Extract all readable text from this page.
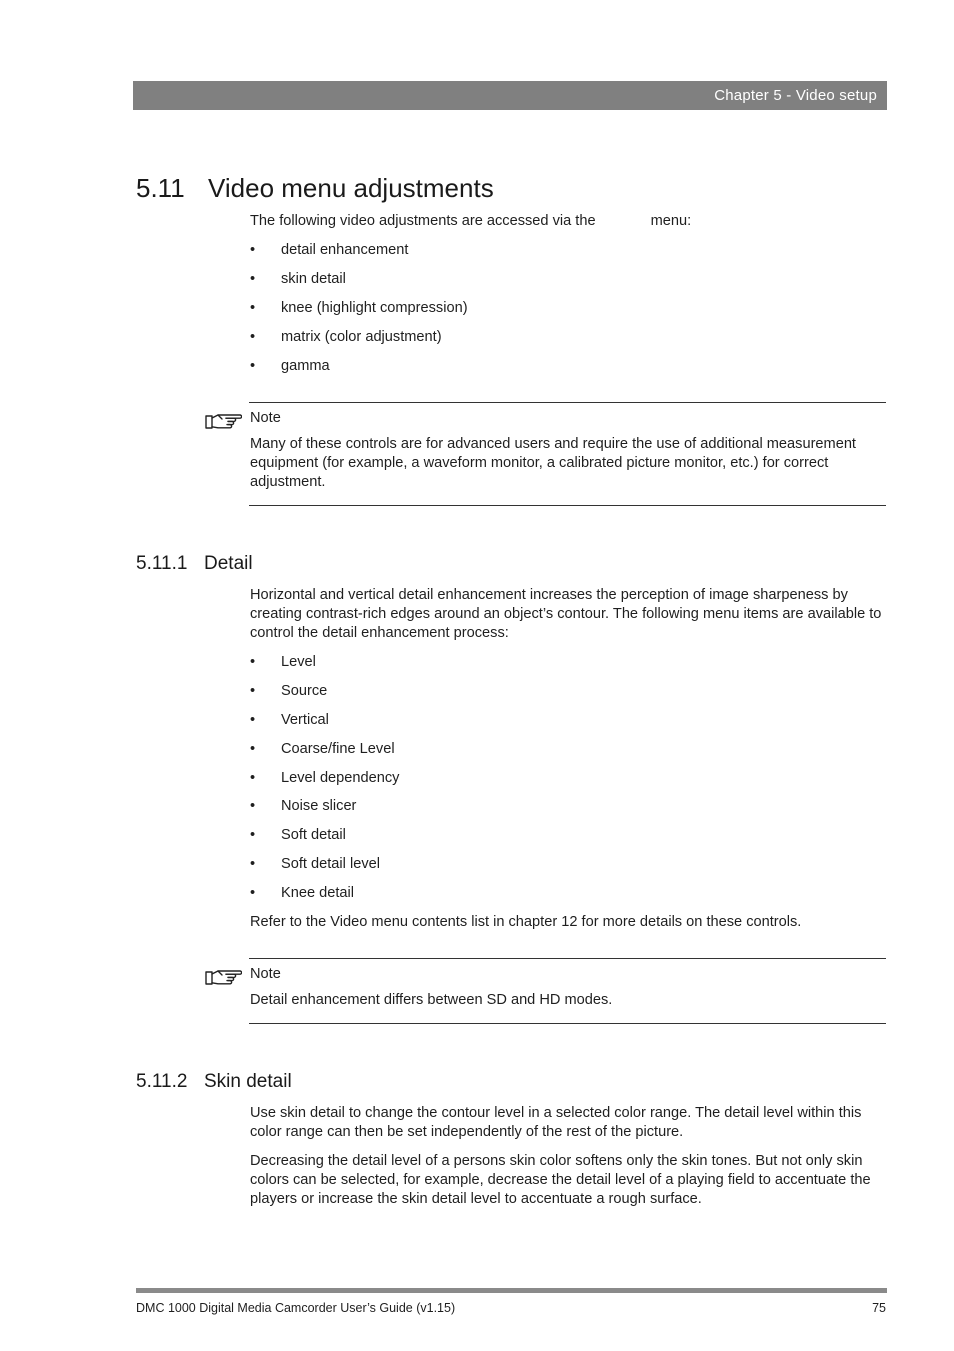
Chapter 5 - Video setup
5.11 Video menu adjustments
The following video adjustments are accessed via the	menu:
• detail enhancement
• skin detail
• knee (highlight compression)
• matrix (color adjustment)
• gamma
Note
Many of these controls are for advanced users and require the use of additional measurement equipment (for example, a waveform monitor, a calibrated picture monitor, etc.) for correct adjustment.
5.11.1 Detail
Horizontal and vertical detail enhancement increases the perception of image sharpeness by creating contrast-rich edges around an object’s contour. The following menu items are available to control the detail enhancement process:
• Level
• Source
• Vertical
• Coarse/fine Level
• Level dependency
• Noise slicer
• Soft detail
• Soft detail level
• Knee detail
Refer to the Video menu contents list in chapter 12 for more details on these controls.
Note
Detail enhancement differs between SD and HD modes.
5.11.2 Skin detail
Use skin detail to change the contour level in a selected color range. The detail level within this color range can then be set independently of the rest of the picture.
Decreasing the detail level of a persons skin color softens only the skin tones. But not only skin colors can be selected, for example, decrease the detail level of a playing field to accentuate the players or increase the skin detail level to accentuate a rough surface.
DMC 1000 Digital Media Camcorder User’s Guide (v1.15)	75
